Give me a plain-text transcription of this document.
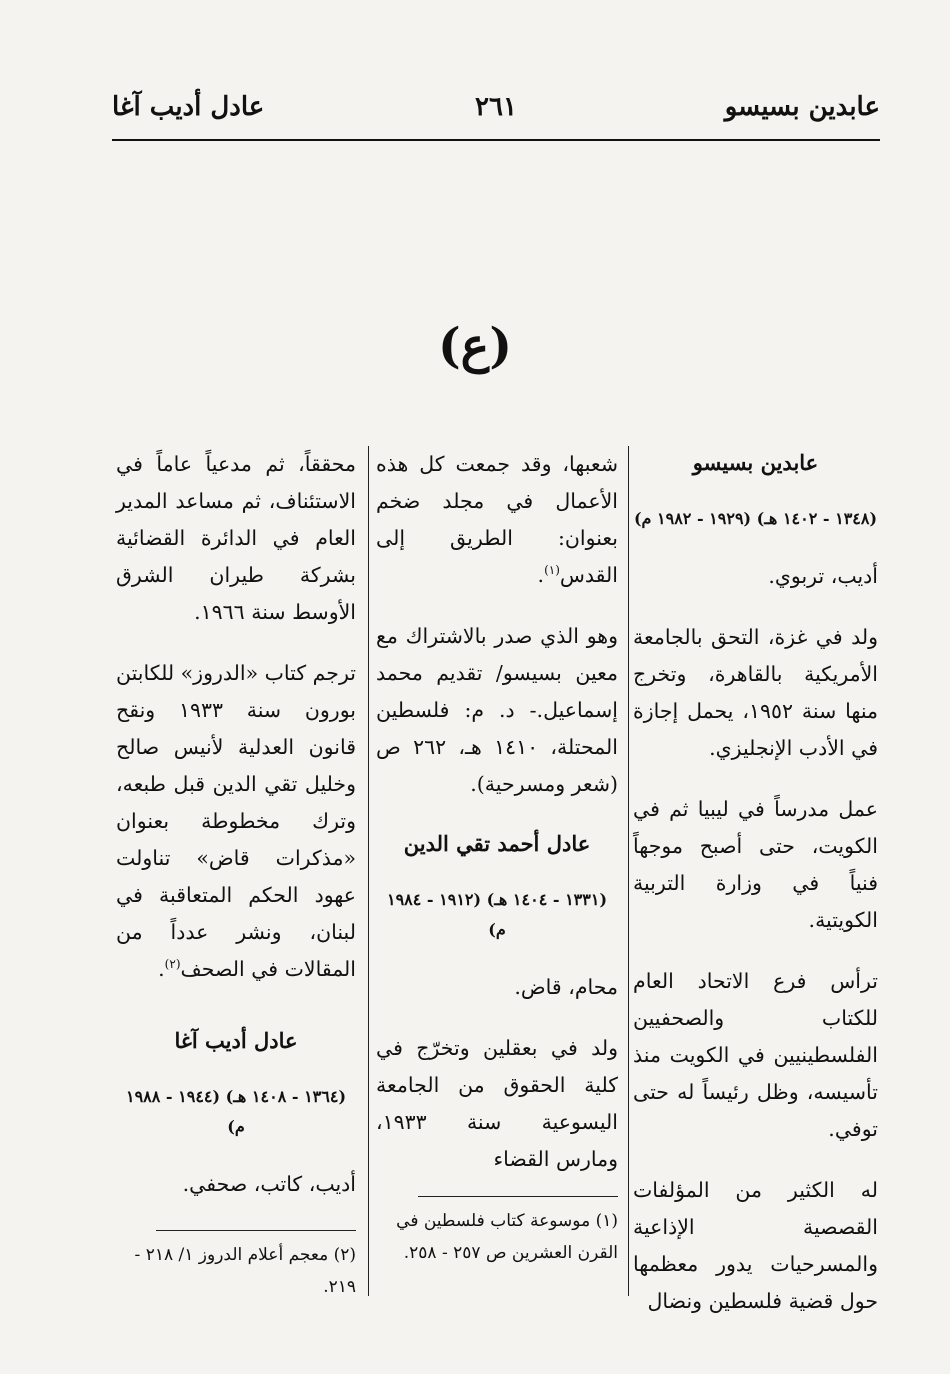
عابدين بسيسو
٢٦١
عادل أديب آغا
(ع)

عابدين بسيسو

(١٣٤٨ - ١٤٠٢ هـ) (١٩٢٩ - ١٩٨٢ م)

أديب، تربوي.

ولد في غزة، التحق بالجامعة الأمريكية بالقاهرة، وتخرج منها سنة ١٩٥٢، يحمل إجازة في الأدب الإنجليزي.

عمل مدرساً في ليبيا ثم في الكويت، حتى أصبح موجهاً فنياً في وزارة التربية الكويتية.

ترأس فرع الاتحاد العام للكتاب والصحفيين الفلسطينيين في الكويت منذ تأسيسه، وظل رئيساً له حتى توفي.

له الكثير من المؤلفات القصصية الإذاعية والمسرحيات يدور معظمها حول قضية فلسطين ونضال

شعبها، وقد جمعت كل هذه الأعمال في مجلد ضخم بعنوان: الطريق إلى القدس$^{(١)}$.

وهو الذي صدر بالاشتراك مع معين بسيسو/ تقديم محمد إسماعيل.- د. م: فلسطين المحتلة، ١٤١٠ هـ، ٢٦٢ ص (شعر ومسرحية).

عادل أحمد تقي الدين

(١٣٣١ - ١٤٠٤ هـ) (١٩١٢ - ١٩٨٤ م)

محام، قاض.

ولد في بعقلين وتخرّج في كلية الحقوق من الجامعة اليسوعية سنة ١٩٣٣، ومارس القضاء

(١) موسوعة كتاب فلسطين في القرن العشرين ص ٢٥٧ - ٢٥٨.

محققاً، ثم مدعياً عاماً في الاستئناف، ثم مساعد المدير العام في الدائرة القضائية بشركة طيران الشرق الأوسط سنة ١٩٦٦.

ترجم كتاب «الدروز» للكابتن بورون سنة ١٩٣٣ ونقح قانون العدلية لأنيس صالح وخليل تقي الدين قبل طبعه، وترك مخطوطة بعنوان «مذكرات قاض» تناولت عهود الحكم المتعاقبة في لبنان، ونشر عدداً من المقالات في الصحف$^{(٢)}$.

عادل أديب آغا

(١٣٦٤ - ١٤٠٨ هـ) (١٩٤٤ - ١٩٨٨ م)

أديب، كاتب، صحفي.

(٢) معجم أعلام الدروز ١/ ٢١٨ - ٢١٩.
